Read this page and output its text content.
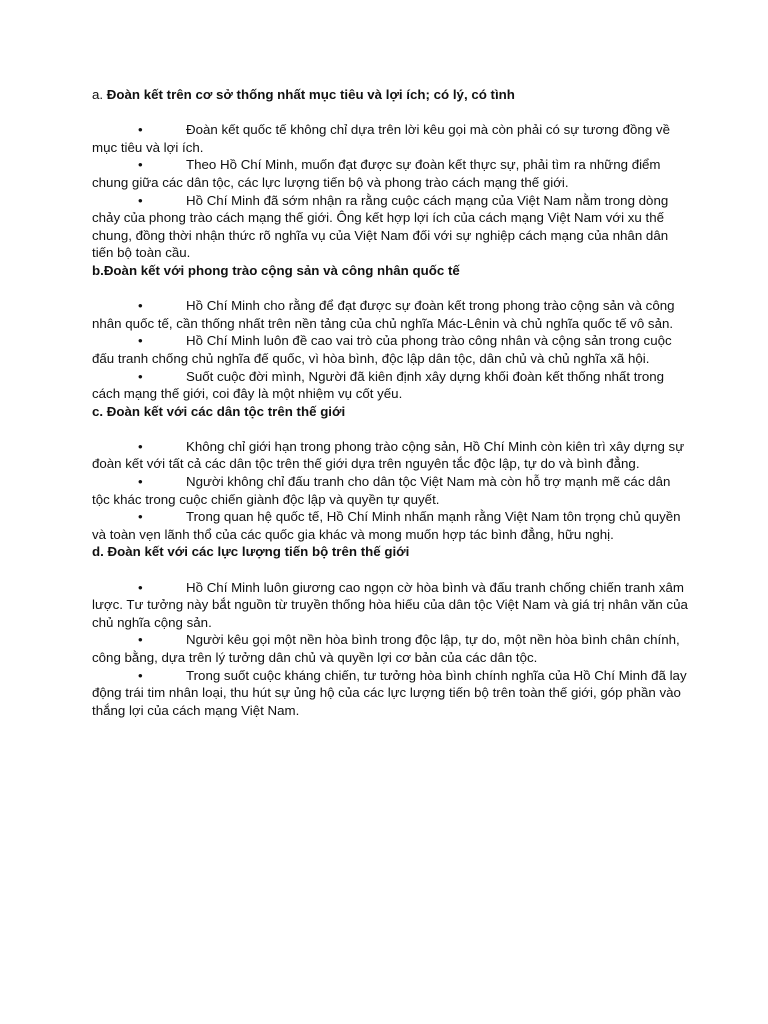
a. Đoàn kết trên cơ sở thống nhất mục tiêu và lợi ích; có lý, có tình

•	Đoàn kết quốc tế không chỉ dựa trên lời kêu gọi mà còn phải có sự tương đồng về mục tiêu và lợi ích.
•	Theo Hồ Chí Minh, muốn đạt được sự đoàn kết thực sự, phải tìm ra những điểm chung giữa các dân tộc, các lực lượng tiến bộ và phong trào cách mạng thế giới.
•	Hồ Chí Minh đã sớm nhận ra rằng cuộc cách mạng của Việt Nam nằm trong dòng chảy của phong trào cách mạng thế giới. Ông kết hợp lợi ích của cách mạng Việt Nam với xu thế chung, đồng thời nhận thức rõ nghĩa vụ của Việt Nam đối với sự nghiệp cách mạng của nhân dân tiến bộ toàn cầu.

b.Đoàn kết với phong trào cộng sản và công nhân quốc tế

•	Hồ Chí Minh cho rằng để đạt được sự đoàn kết trong phong trào cộng sản và công nhân quốc tế, cần thống nhất trên nền tảng của chủ nghĩa Mác-Lênin và chủ nghĩa quốc tế vô sản.
•	Hồ Chí Minh luôn đề cao vai trò của phong trào công nhân và cộng sản trong cuộc đấu tranh chống chủ nghĩa đế quốc, vì hòa bình, độc lập dân tộc, dân chủ và chủ nghĩa xã hội.
•	Suốt cuộc đời mình, Người đã kiên định xây dựng khối đoàn kết thống nhất trong cách mạng thế giới, coi đây là một nhiệm vụ cốt yếu.

c. Đoàn kết với các dân tộc trên thế giới

•	Không chỉ giới hạn trong phong trào cộng sản, Hồ Chí Minh còn kiên trì xây dựng sự đoàn kết với tất cả các dân tộc trên thế giới dựa trên nguyên tắc độc lập, tự do và bình đẳng.
•	Người không chỉ đấu tranh cho dân tộc Việt Nam mà còn hỗ trợ mạnh mẽ các dân tộc khác trong cuộc chiến giành độc lập và quyền tự quyết.
•	Trong quan hệ quốc tế, Hồ Chí Minh nhấn mạnh rằng Việt Nam tôn trọng chủ quyền và toàn vẹn lãnh thổ của các quốc gia khác và mong muốn hợp tác bình đẳng, hữu nghị.

d. Đoàn kết với các lực lượng tiến bộ trên thế giới

•	Hồ Chí Minh luôn giương cao ngọn cờ hòa bình và đấu tranh chống chiến tranh xâm lược. Tư tưởng này bắt nguồn từ truyền thống hòa hiếu của dân tộc Việt Nam và giá trị nhân văn của chủ nghĩa cộng sản.
•	Người kêu gọi một nền hòa bình trong độc lập, tự do, một nền hòa bình chân chính, công bằng, dựa trên lý tưởng dân chủ và quyền lợi cơ bản của các dân tộc.
•	Trong suốt cuộc kháng chiến, tư tưởng hòa bình chính nghĩa của Hồ Chí Minh đã lay động trái tim nhân loại, thu hút sự ủng hộ của các lực lượng tiến bộ trên toàn thế giới, góp phần vào thắng lợi của cách mạng Việt Nam.
